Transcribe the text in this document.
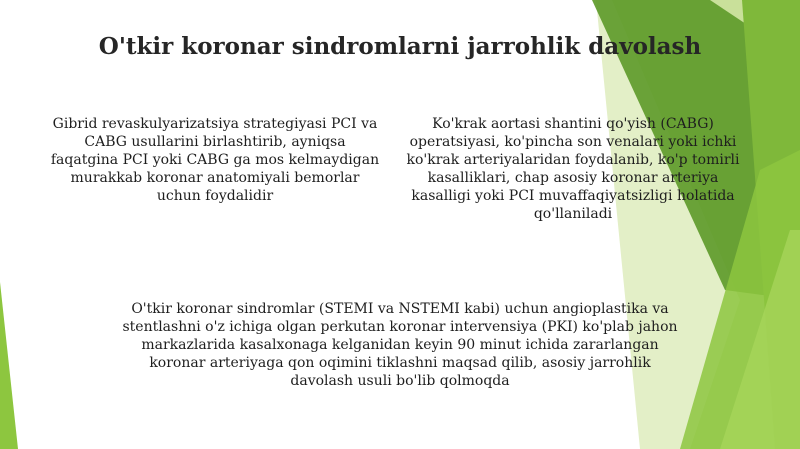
O'tkir koronar sindromlarni jarrohlik davolash

Gibrid revaskulyarizatsiya strategiyasi PCI va CABG usullarini birlashtirib, ayniqsa faqatgina PCI yoki CABG ga mos kelmaydigan murakkab koronar anatomiyali bemorlar uchun foydalidir

Ko'krak aortasi shantini qo'yish (CABG) operatsiyasi, ko'pincha son venalari yoki ichki ko'krak arteriyalaridan foydalanib, ko'p tomirli kasalliklari, chap asosiy koronar arteriya kasalligi yoki PCI muvaffaqiyatsizligi holatida qo'llaniladi

O'tkir koronar sindromlar (STEMI va NSTEMI kabi) uchun angioplastika va stentlashni o'z ichiga olgan perkutan koronar intervensiya (PKI) ko'plab jahon markazlarida kasalxonaga kelganidan keyin 90 minut ichida zararlangan koronar arteriyaga qon oqimini tiklashni maqsad qilib, asosiy jarrohlik davolash usuli bo'lib qolmoqda
